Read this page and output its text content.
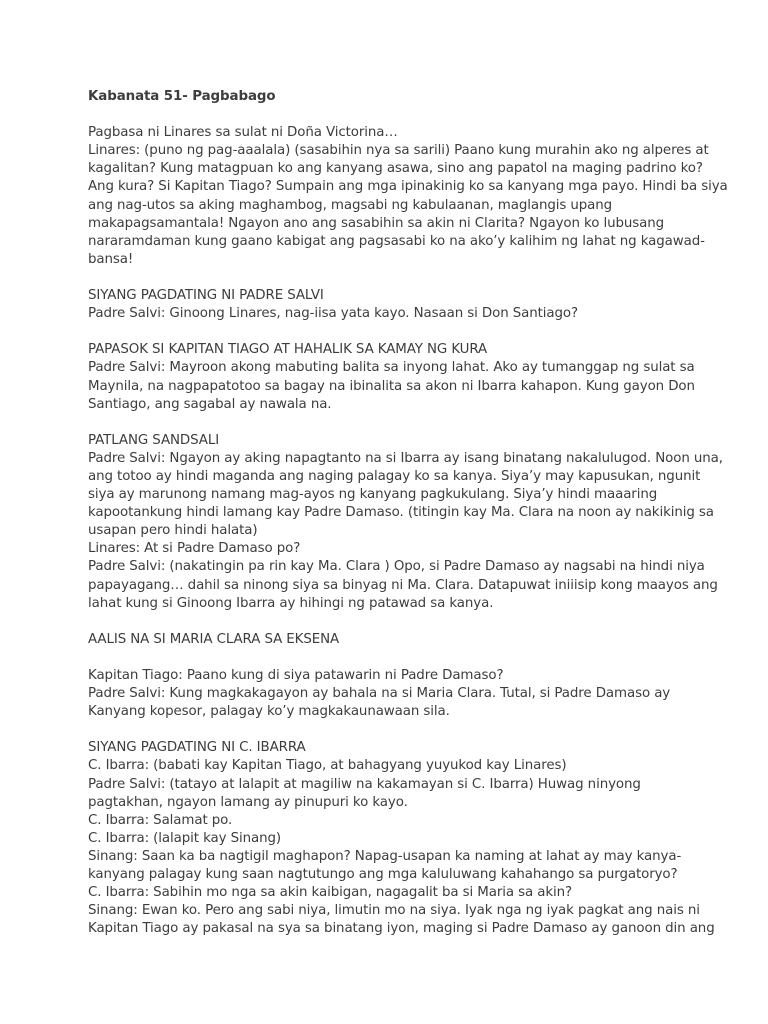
Kabanata 51- Pagbabago
Pagbasa ni Linares sa sulat ni Doña Victorina…
Linares: (puno ng pag-aaalala) (sasabihin nya sa sarili) Paano kung murahin ako ng alperes at
kagalitan? Kung matagpuan ko ang kanyang asawa, sino ang papatol na maging padrino ko?
Ang kura? Si Kapitan Tiago? Sumpain ang mga ipinakinig ko sa kanyang mga payo. Hindi ba siya
ang nag-utos sa aking maghambog, magsabi ng kabulaanan, maglangis upang
makapagsamantala! Ngayon ano ang sasabihin sa akin ni Clarita? Ngayon ko lubusang
nararamdaman kung gaano kabigat ang pagsasabi ko na ako’y kalihim ng lahat ng kagawad-
bansa!
SIYANG PAGDATING NI PADRE SALVI
Padre Salvi: Ginoong Linares, nag-iisa yata kayo. Nasaan si Don Santiago?
PAPASOK SI KAPITAN TIAGO AT HAHALIK SA KAMAY NG KURA
Padre Salvi: Mayroon akong mabuting balita sa inyong lahat. Ako ay tumanggap ng sulat sa
Maynila, na nagpapatotoo sa bagay na ibinalita sa akon ni Ibarra kahapon. Kung gayon Don
Santiago, ang sagabal ay nawala na.
PATLANG SANDSALI
Padre Salvi: Ngayon ay aking napagtanto na si Ibarra ay isang binatang nakalulugod. Noon una,
ang totoo ay hindi maganda ang naging palagay ko sa kanya. Siya’y may kapusukan, ngunit
siya ay marunong namang mag-ayos ng kanyang pagkukulang. Siya’y hindi maaaring
kapootankung hindi lamang kay Padre Damaso. (titingin kay Ma. Clara na noon ay nakikinig sa
usapan pero hindi halata)
Linares: At si Padre Damaso po?
Padre Salvi: (nakatingin pa rin kay Ma. Clara ) Opo, si Padre Damaso ay nagsabi na hindi niya
papayagang… dahil sa ninong siya sa binyag ni Ma. Clara. Datapuwat iniiisip kong maayos ang
lahat kung si Ginoong Ibarra ay hihingi ng patawad sa kanya.
AALIS NA SI MARIA CLARA SA EKSENA
Kapitan Tiago: Paano kung di siya patawarin ni Padre Damaso?
Padre Salvi: Kung magkakagayon ay bahala na si Maria Clara. Tutal, si Padre Damaso ay
Kanyang kopesor, palagay ko’y magkakaunawaan sila.
SIYANG PAGDATING NI C. IBARRA
C. Ibarra: (babati kay Kapitan Tiago, at bahagyang yuyukod kay Linares)
Padre Salvi: (tatayo at lalapit at magiliw na kakamayan si C. Ibarra) Huwag ninyong
pagtakhan, ngayon lamang ay pinupuri ko kayo.
C. Ibarra: Salamat po.
C. Ibarra: (lalapit kay Sinang)
Sinang: Saan ka ba nagtigil maghapon? Napag-usapan ka naming at lahat ay may kanya-
kanyang palagay kung saan nagtutungo ang mga kaluluwang kahahango sa purgatoryo?
C. Ibarra: Sabihin mo nga sa akin kaibigan, nagagalit ba si Maria sa akin?
Sinang: Ewan ko. Pero ang sabi niya, limutin mo na siya. Iyak nga ng iyak pagkat ang nais ni
Kapitan Tiago ay pakasal na sya sa binatang iyon, maging si Padre Damaso ay ganoon din ang
